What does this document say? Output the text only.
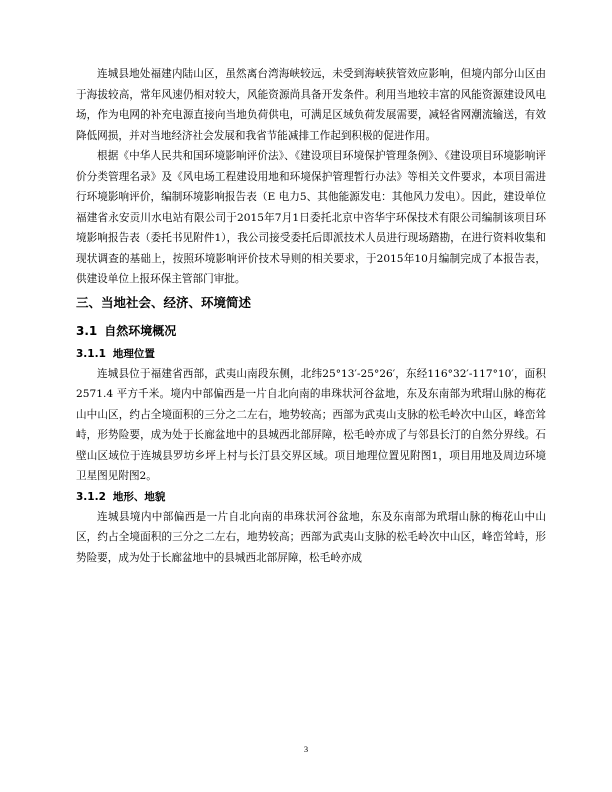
连城县地处福建内陆山区，虽然离台湾海峡较远，未受到海峡狭管效应影响，但境内部分山区由于海拔较高，常年风速仍相对较大，风能资源尚具备开发条件。利用当地较丰富的风能资源建设风电场，作为电网的补充电源直接向当地负荷供电，可满足区域负荷发展需要，减轻省网潮流输送，有效降低网损，并对当地经济社会发展和我省节能减排工作起到积极的促进作用。

根据《中华人民共和国环境影响评价法》、《建设项目环境保护管理条例》、《建设项目环境影响评价分类管理名录》及《风电场工程建设用地和环境保护管理暂行办法》等相关文件要求，本项目需进行环境影响评价，编制环境影响报告表（E 电力5、其他能源发电：其他风力发电）。因此，建设单位福建省永安贡川水电站有限公司于2015年7月1日委托北京中咨华宇环保技术有限公司编制该项目环境影响报告表（委托书见附件1），我公司接受委托后即派技术人员进行现场踏勘，在进行资料收集和现状调查的基础上，按照环境影响评价技术导则的相关要求，于2015年10月编制完成了本报告表，供建设单位上报环保主管部门审批。

三、当地社会、经济、环境简述
3.1 自然环境概况
3.1.1 地理位置

连城县位于福建省西部，武夷山南段东侧，北纬25°13′-25°26′，东经116°32′-117°10′，面积2571.4 平方千米。境内中部偏西是一片自北向南的串珠状河谷盆地，东及东南部为玳瑁山脉的梅花山中山区，约占全境面积的三分之二左右，地势较高；西部为武夷山支脉的松毛岭次中山区，峰峦耸峙，形势险要，成为处于长廊盆地中的县城西北部屏障，松毛岭亦成了与邻县长汀的自然分界线。石壁山区域位于连城县罗坊乡坪上村与长汀县交界区域。项目地理位置见附图1，项目用地及周边环境卫星图见附图2。

3.1.2 地形、地貌

连城县境内中部偏西是一片自北向南的串珠状河谷盆地，东及东南部为玳瑁山脉的梅花山中山区，约占全境面积的三分之二左右，地势较高；西部为武夷山支脉的松毛岭次中山区，峰峦耸峙，形势险要，成为处于长廊盆地中的县城西北部屏障，松毛岭亦成

3
